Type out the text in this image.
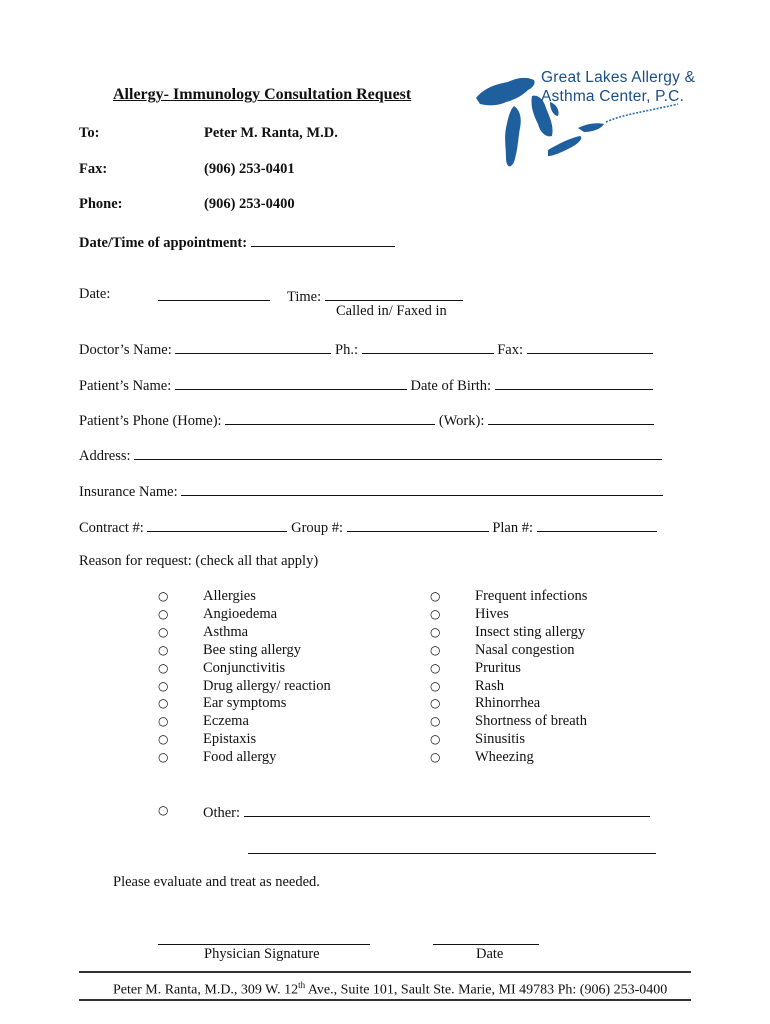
Allergy- Immunology Consultation Request
Great Lakes Allergy &
Asthma Center, P.C.
To:	Peter M. Ranta, M.D.
Fax:	(906) 253-0401
Phone:	(906) 253-0400
Date/Time of appointment:
Date:	Time:
Called in/ Faxed in
Doctor’s Name:	Ph.:	Fax:
Patient’s Name:	Date of Birth:
Patient’s Phone (Home):	(Work):
Address:
Insurance Name:
Contract #:	Group #:	Plan #:
Reason for request: (check all that apply)
○ Allergies
○ Angioedema
○ Asthma
○ Bee sting allergy
○ Conjunctivitis
○ Drug allergy/ reaction
○ Ear symptoms
○ Eczema
○ Epistaxis
○ Food allergy
○ Frequent infections
○ Hives
○ Insect sting allergy
○ Nasal congestion
○ Pruritus
○ Rash
○ Rhinorrhea
○ Shortness of breath
○ Sinusitis
○ Wheezing
○ Other:
Please evaluate and treat as needed.
Physician Signature	Date
Peter M. Ranta, M.D., 309 W. 12th Ave., Suite 101, Sault Ste. Marie, MI 49783 Ph: (906) 253-0400
